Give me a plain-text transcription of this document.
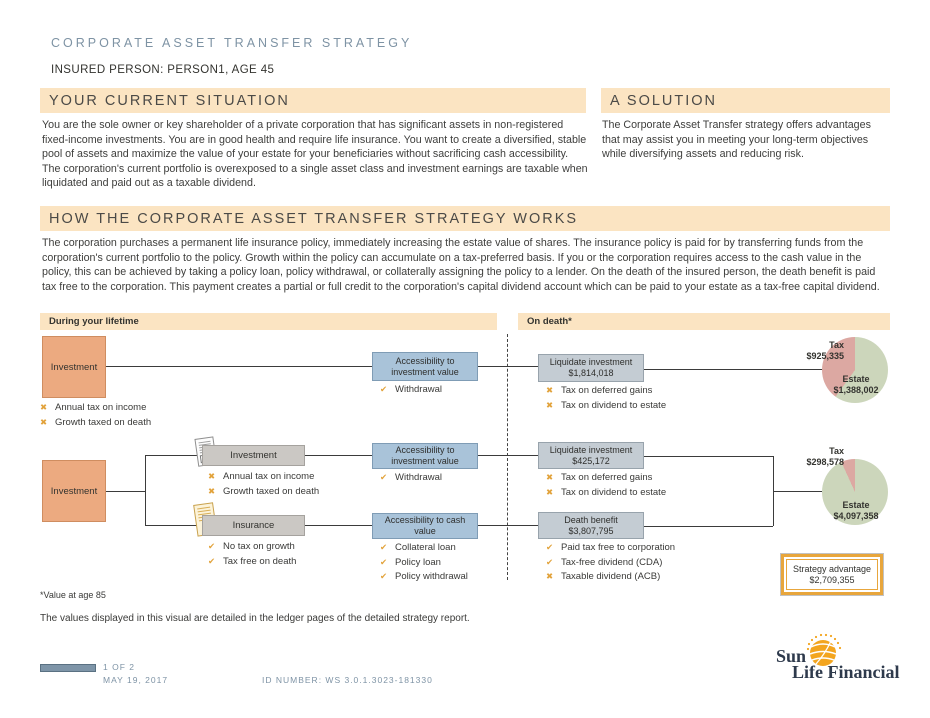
CORPORATE ASSET TRANSFER STRATEGY
INSURED PERSON: PERSON1, AGE 45
YOUR CURRENT SITUATION
You are the sole owner or key shareholder of a private corporation that has significant assets in non-registered fixed-income investments. You are in good health and require life insurance. You want to create a diversified, stable pool of assets and maximize the value of your estate for your beneficiaries without sacrificing cash accessibility. The corporation's current portfolio is overexposed to a single asset class and investment earnings are taxable when liquidated and paid out as a taxable dividend.
A SOLUTION
The Corporate Asset Transfer strategy offers advantages that may assist you in meeting your long-term objectives while diversifying assets and reducing risk.
HOW THE CORPORATE ASSET TRANSFER STRATEGY WORKS
The corporation purchases a permanent life insurance policy, immediately increasing the estate value of shares. The insurance policy is paid for by transferring funds from the corporation's current portfolio to the policy. Growth within the policy can accumulate on a tax-preferred basis. If you or the corporation requires access to the cash value in the policy, this can be achieved by taking a policy loan, policy withdrawal, or collaterally assigning the policy to a lender. On the death of the insured person, the death benefit is paid tax free to the corporation. This payment creates a partial or full credit to the corporation's capital dividend account which can be paid to your estate as a tax-free capital dividend.
During your lifetime	On death*
Investment
Accessibility to investment value
Liquidate investment
$1,814,018
✖ Annual tax on income
✖ Growth taxed on death
✔ Withdrawal	✖ Tax on deferred gains
✖ Tax on dividend to estate
Tax
$925,335
Estate
$1,388,002
Investment
Investment
✖ Annual tax on income
✖ Growth taxed on death
Accessibility to investment value
✔ Withdrawal
Liquidate investment
$425,172
✖ Tax on deferred gains
✖ Tax on dividend to estate
Insurance
✔ No tax on growth
✔ Tax free on death
Accessibility to cash value
✔ Collateral loan
✔ Policy loan
✔ Policy withdrawal
Death benefit
$3,807,795
✔ Paid tax free to corporation
✔ Tax-free dividend (CDA)
✖ Taxable dividend (ACB)
Tax
$298,578
Estate
$4,097,358
Strategy advantage
$2,709,355
*Value at age 85
The values displayed in this visual are detailed in the ledger pages of the detailed strategy report.
1 OF 2
MAY 19, 2017	ID NUMBER: WS 3.0.1.3023-181330
Sun
Life Financial
